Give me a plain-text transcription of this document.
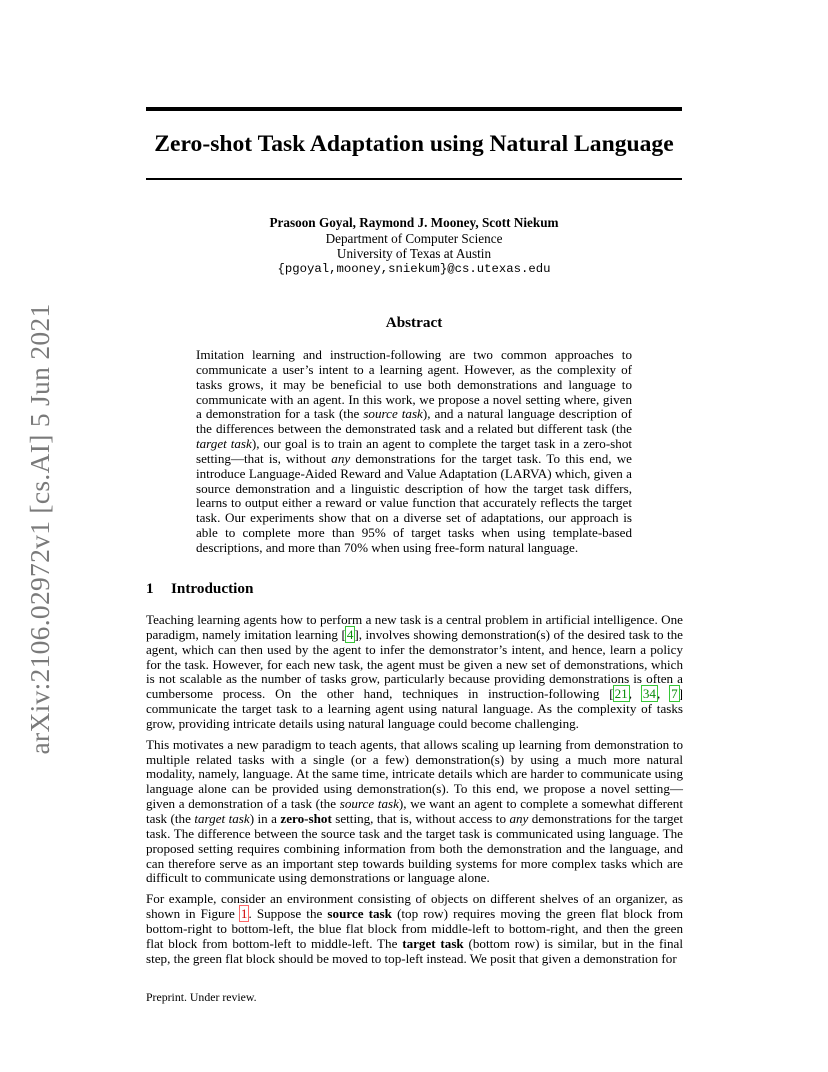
Zero-shot Task Adaptation using Natural Language
Prasoon Goyal, Raymond J. Mooney, Scott Niekum
Department of Computer Science
University of Texas at Austin
{pgoyal,mooney,sniekum}@cs.utexas.edu
Abstract
Imitation learning and instruction-following are two common approaches to communicate a user’s intent to a learning agent. However, as the complexity of tasks grows, it may be beneficial to use both demonstrations and language to communicate with an agent. In this work, we propose a novel setting where, given a demonstration for a task (the source task), and a natural language description of the differences between the demonstrated task and a related but different task (the target task), our goal is to train an agent to complete the target task in a zero-shot setting—that is, without any demonstrations for the target task. To this end, we introduce Language-Aided Reward and Value Adaptation (LARVA) which, given a source demonstration and a linguistic description of how the target task differs, learns to output either a reward or value function that accurately reflects the target task. Our experiments show that on a diverse set of adaptations, our approach is able to complete more than 95% of target tasks when using template-based descriptions, and more than 70% when using free-form natural language.
1 Introduction

Teaching learning agents how to perform a new task is a central problem in artificial intelligence. One paradigm, namely imitation learning [4], involves showing demonstration(s) of the desired task to the agent, which can then used by the agent to infer the demonstrator’s intent, and hence, learn a policy for the task. However, for each new task, the agent must be given a new set of demonstrations, which is not scalable as the number of tasks grow, particularly because providing demonstrations is often a cumbersome process. On the other hand, techniques in instruction-following [21, 34, 7] communicate the target task to a learning agent using natural language. As the complexity of tasks grow, providing intricate details using natural language could become challenging.

This motivates a new paradigm to teach agents, that allows scaling up learning from demonstration to multiple related tasks with a single (or a few) demonstration(s) by using a much more natural modality, namely, language. At the same time, intricate details which are harder to communicate using language alone can be provided using demonstration(s). To this end, we propose a novel setting—given a demonstration of a task (the source task), we want an agent to complete a somewhat different task (the target task) in a zero-shot setting, that is, without access to any demonstrations for the target task. The difference between the source task and the target task is communicated using language. The proposed setting requires combining information from both the demonstration and the language, and can therefore serve as an important step towards building systems for more complex tasks which are difficult to communicate using demonstrations or language alone.

For example, consider an environment consisting of objects on different shelves of an organizer, as shown in Figure 1. Suppose the source task (top row) requires moving the green flat block from bottom-right to bottom-left, the blue flat block from middle-left to bottom-right, and then the green flat block from bottom-left to middle-left. The target task (bottom row) is similar, but in the final step, the green flat block should be moved to top-left instead. We posit that given a demonstration for

Preprint. Under review.
arXiv:2106.02972v1 [cs.AI] 5 Jun 2021
